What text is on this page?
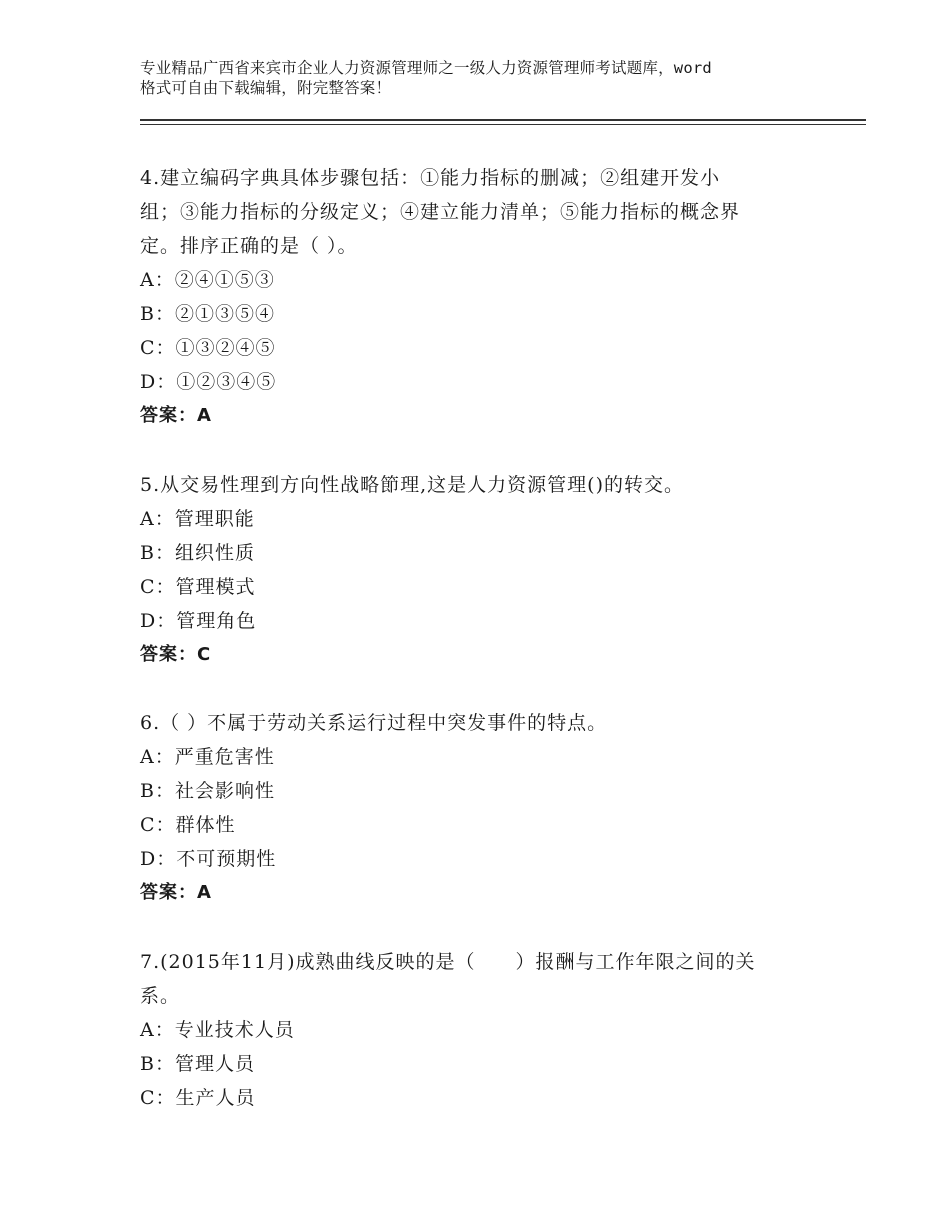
专业精品广西省来宾市企业人力资源管理师之一级人力资源管理师考试题库，word
格式可自由下载编辑，附完整答案！
4.建立编码字典具体步骤包括：①能力指标的删减；②组建开发小
组；③能力指标的分级定义；④建立能力清单；⑤能力指标的概念界
定。排序正确的是（ ）。
A：②④①⑤③
B：②①③⑤④
C：①③②④⑤
D：①②③④⑤
答案：A
5.从交易性理到方向性战略節理,这是人力资源管理()的转交。
A：管理职能
B：组织性质
C：管理模式
D：管理角色
答案：C
6.（ ）不属于劳动关系运行过程中突发事件的特点。
A：严重危害性
B：社会影响性
C：群体性
D：不可预期性
答案：A
7.(2015年11月)成熟曲线反映的是（　　）报酬与工作年限之间的关
系。
A：专业技术人员
B：管理人员
C：生产人员
